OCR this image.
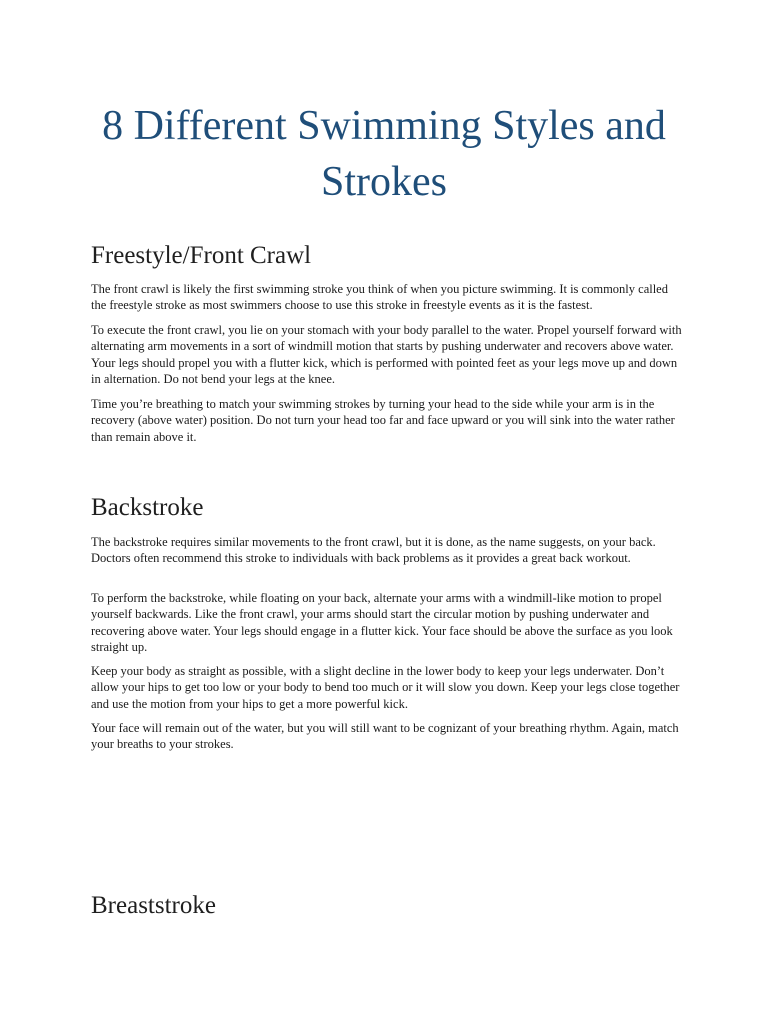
8 Different Swimming Styles and Strokes
Freestyle/Front Crawl

The front crawl is likely the first swimming stroke you think of when you picture swimming. It is commonly called the freestyle stroke as most swimmers choose to use this stroke in freestyle events as it is the fastest.

To execute the front crawl, you lie on your stomach with your body parallel to the water. Propel yourself forward with alternating arm movements in a sort of windmill motion that starts by pushing underwater and recovers above water. Your legs should propel you with a flutter kick, which is performed with pointed feet as your legs move up and down in alternation. Do not bend your legs at the knee.

Time you’re breathing to match your swimming strokes by turning your head to the side while your arm is in the recovery (above water) position. Do not turn your head too far and face upward or you will sink into the water rather than remain above it.

Backstroke

The backstroke requires similar movements to the front crawl, but it is done, as the name suggests, on your back. Doctors often recommend this stroke to individuals with back problems as it provides a great back workout.

To perform the backstroke, while floating on your back, alternate your arms with a windmill-like motion to propel yourself backwards. Like the front crawl, your arms should start the circular motion by pushing underwater and recovering above water. Your legs should engage in a flutter kick. Your face should be above the surface as you look straight up.

Keep your body as straight as possible, with a slight decline in the lower body to keep your legs underwater. Don’t allow your hips to get too low or your body to bend too much or it will slow you down. Keep your legs close together and use the motion from your hips to get a more powerful kick.

Your face will remain out of the water, but you will still want to be cognizant of your breathing rhythm. Again, match your breaths to your strokes.

Breaststroke
